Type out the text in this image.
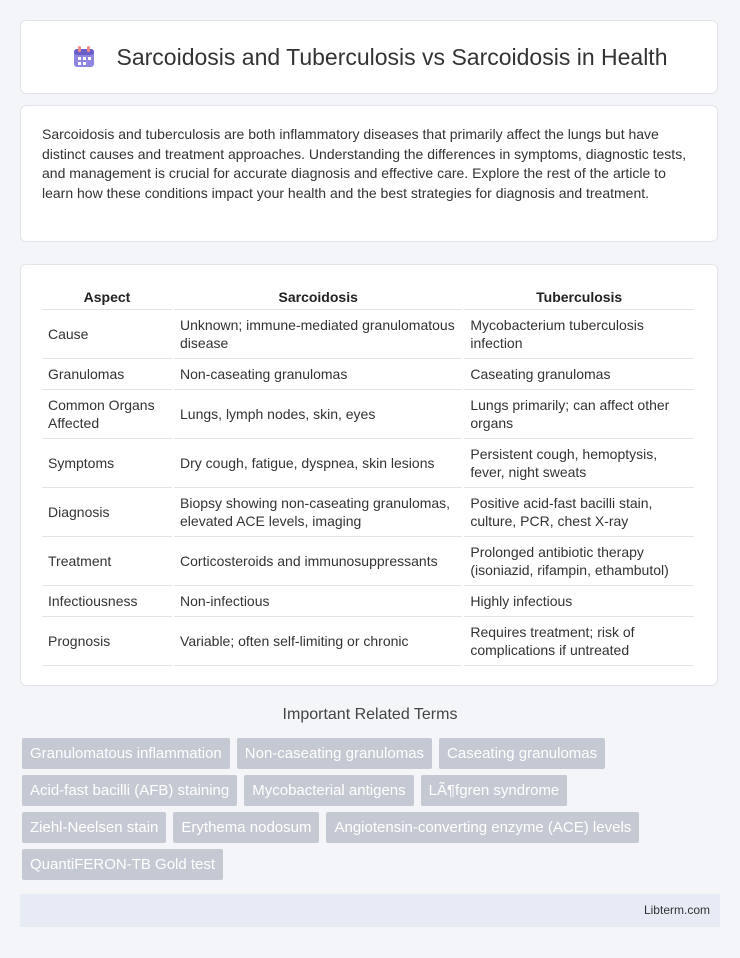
Sarcoidosis and Tuberculosis vs Sarcoidosis in Health

Sarcoidosis and tuberculosis are both inflammatory diseases that primarily affect the lungs but have distinct causes and treatment approaches. Understanding the differences in symptoms, diagnostic tests, and management is crucial for accurate diagnosis and effective care. Explore the rest of the article to learn how these conditions impact your health and the best strategies for diagnosis and treatment.

Aspect	Sarcoidosis	Tuberculosis
Cause	Unknown; immune-mediated granulomatous disease	Mycobacterium tuberculosis infection
Granulomas	Non-caseating granulomas	Caseating granulomas
Common Organs Affected	Lungs, lymph nodes, skin, eyes	Lungs primarily; can affect other organs
Symptoms	Dry cough, fatigue, dyspnea, skin lesions	Persistent cough, hemoptysis, fever, night sweats
Diagnosis	Biopsy showing non-caseating granulomas, elevated ACE levels, imaging	Positive acid-fast bacilli stain, culture, PCR, chest X-ray
Treatment	Corticosteroids and immunosuppressants	Prolonged antibiotic therapy (isoniazid, rifampin, ethambutol)
Infectiousness	Non-infectious	Highly infectious
Prognosis	Variable; often self-limiting or chronic	Requires treatment; risk of complications if untreated
Important Related Terms
Granulomatous inflammation	Non-caseating granulomas	Caseating granulomas
Acid-fast bacilli (AFB) staining	Mycobacterial antigens	LÃ¶fgren syndrome
Ziehl-Neelsen stain	Erythema nodosum	Angiotensin-converting enzyme (ACE) levels
QuantiFERON-TB Gold test
Libterm.com
